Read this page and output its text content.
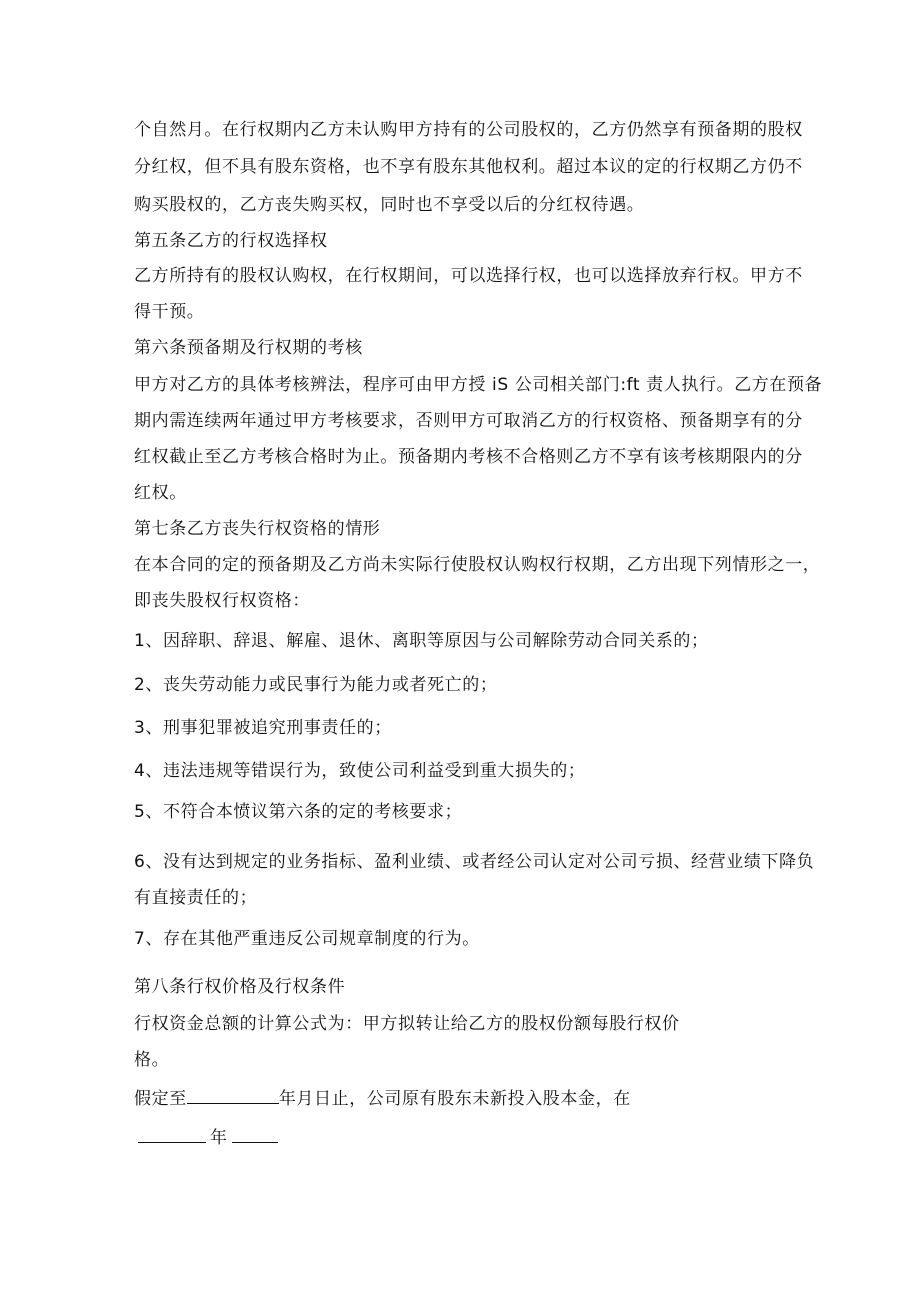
个自然月。在行权期内乙方未认购甲方持有的公司股权的，乙方仍然享有预备期的股权
分红权，但不具有股东资格，也不享有股东其他权利。超过本议的定的行权期乙方仍不
购买股权的，乙方丧失购买权，同时也不享受以后的分红权待遇。
第五条乙方的行权选择权
乙方所持有的股权认购权，在行权期间，可以选择行权，也可以选择放弃行权。甲方不
得干预。
第六条预备期及行权期的考核
甲方对乙方的具体考核辨法，程序可由甲方授 iS 公司相关部门:ft 责人执行。乙方在预备
期内需连续两年通过甲方考核要求，否则甲方可取消乙方的行权资格、预备期享有的分
红权截止至乙方考核合格时为止。预备期内考核不合格则乙方不享有该考核期限内的分
红权。
第七条乙方丧失行权资格的情形
在本合同的定的预备期及乙方尚未实际行使股权认购权行权期，乙方出现下列情形之一，
即丧失股权行权资格：
1、因辞职、辞退、解雇、退休、离职等原因与公司解除劳动合同关系的；
2、丧失劳动能力或民事行为能力或者死亡的；
3、刑事犯罪被追究刑事责任的；
4、违法违规等错误行为，致使公司利益受到重大损失的；
5、不符合本愤议第六条的定的考核要求；
6、没有达到规定的业务指标、盈利业绩、或者经公司认定对公司亏损、经营业绩下降负
有直接责任的；
7、存在其他严重违反公司规章制度的行为。
第八条行权价格及行权条件
行权资金总额的计算公式为：甲方拟转让给乙方的股权份额每股行权价
格。
假定至	年月日止，公司原有股东未新投入股本金，在
年
